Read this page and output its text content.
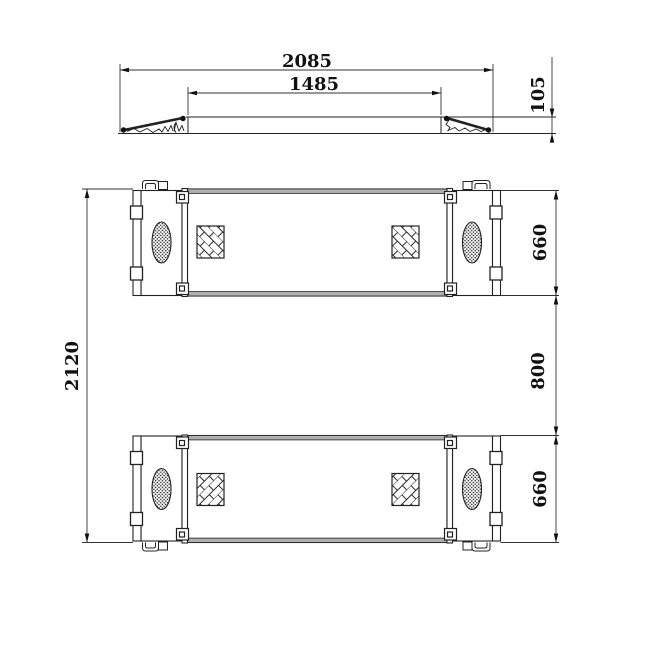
2085
1485	105
2120
660
800
660
